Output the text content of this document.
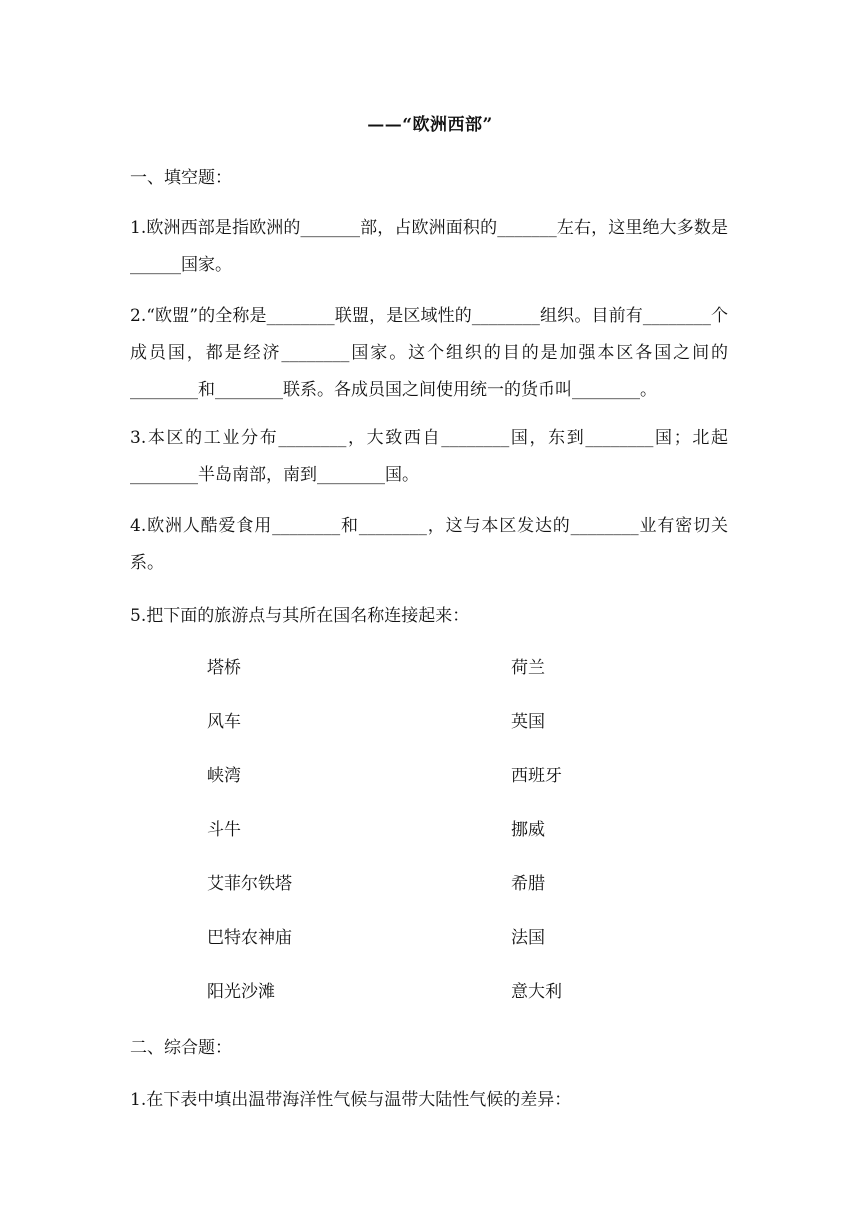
——“欧洲西部”
一、填空题：
1.欧洲西部是指欧洲的_______部，占欧洲面积的_______左右，这里绝大多数是______国家。
2.“欧盟”的全称是________联盟，是区域性的________组织。目前有________个成员国，都是经济________国家。这个组织的目的是加强本区各国之间的________和________联系。各成员国之间使用统一的货币叫________。
3.本区的工业分布________，大致西自________国，东到________国；北起________半岛南部，南到________国。
4.欧洲人酷爱食用________和________，这与本区发达的________业有密切关系。
5.把下面的旅游点与其所在国名称连接起来：
塔桥
风车
峡湾
斗牛
艾菲尔铁塔
巴特农神庙
阳光沙滩
荷兰
英国
西班牙
挪威
希腊
法国
意大利
二、综合题：
1.在下表中填出温带海洋性气候与温带大陆性气候的差异：
